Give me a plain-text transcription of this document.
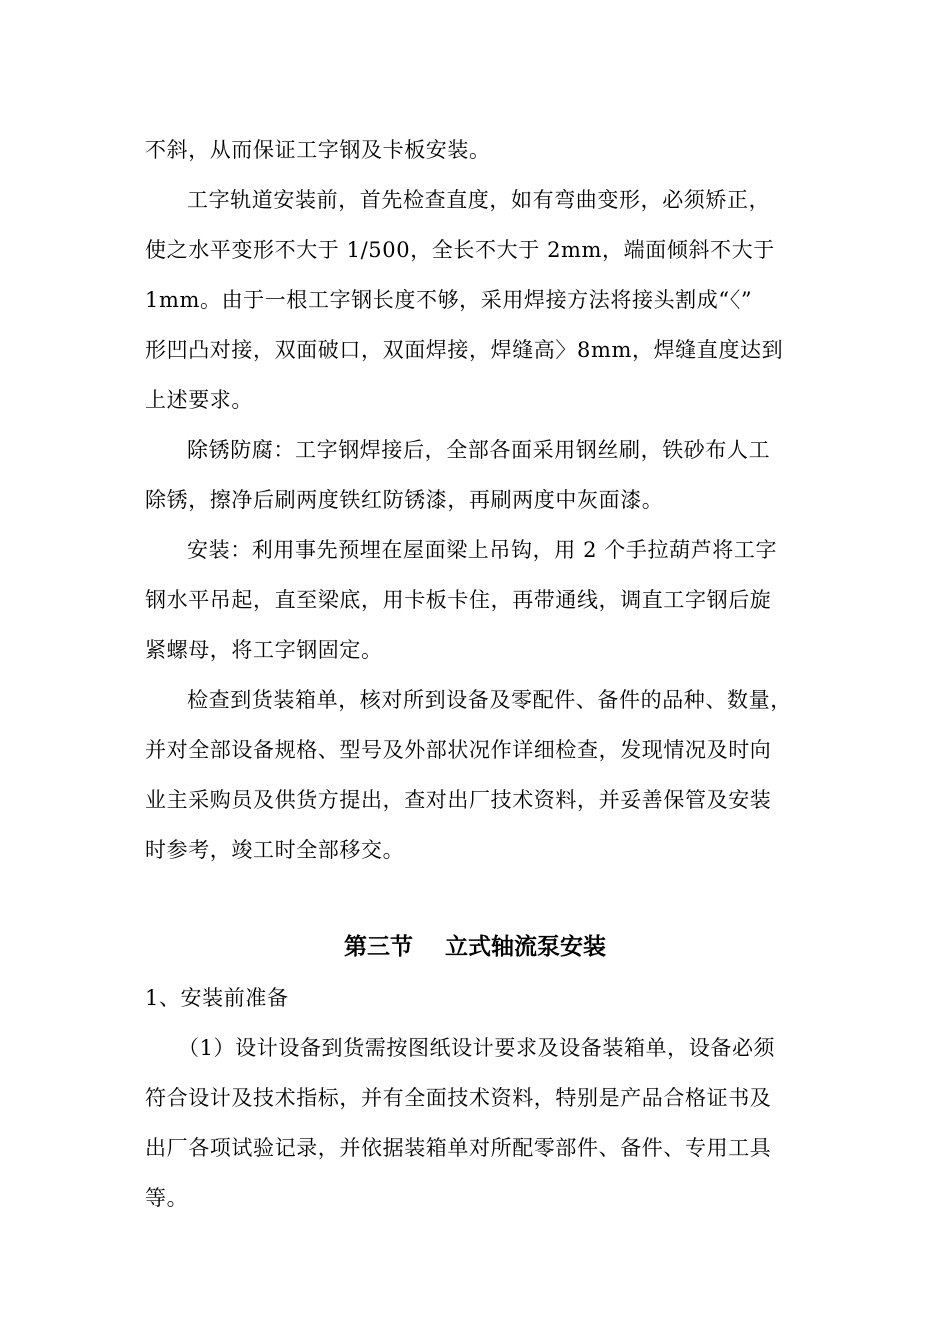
不斜，从而保证工字钢及卡板安装。
工字轨道安装前，首先检查直度，如有弯曲变形，必须矫正，
使之水平变形不大于 1/500，全长不大于 2mm，端面倾斜不大于
1mm。由于一根工字钢长度不够，采用焊接方法将接头割成“〈”
形凹凸对接，双面破口，双面焊接，焊缝高〉8mm，焊缝直度达到
上述要求。
除锈防腐：工字钢焊接后，全部各面采用钢丝刷，铁砂布人工
除锈，擦净后刷两度铁红防锈漆，再刷两度中灰面漆。
安装：利用事先预埋在屋面梁上吊钩，用 2 个手拉葫芦将工字
钢水平吊起，直至梁底，用卡板卡住，再带通线，调直工字钢后旋
紧螺母，将工字钢固定。
检查到货装箱单，核对所到设备及零配件、备件的品种、数量，
并对全部设备规格、型号及外部状况作详细检查，发现情况及时向
业主采购员及供货方提出，查对出厂技术资料，并妥善保管及安装
时参考，竣工时全部移交。
第三节    立式轴流泵安装
1、安装前准备
（1）设计设备到货需按图纸设计要求及设备装箱单，设备必须
符合设计及技术指标，并有全面技术资料，特别是产品合格证书及
出厂各项试验记录，并依据装箱单对所配零部件、备件、专用工具
等。
